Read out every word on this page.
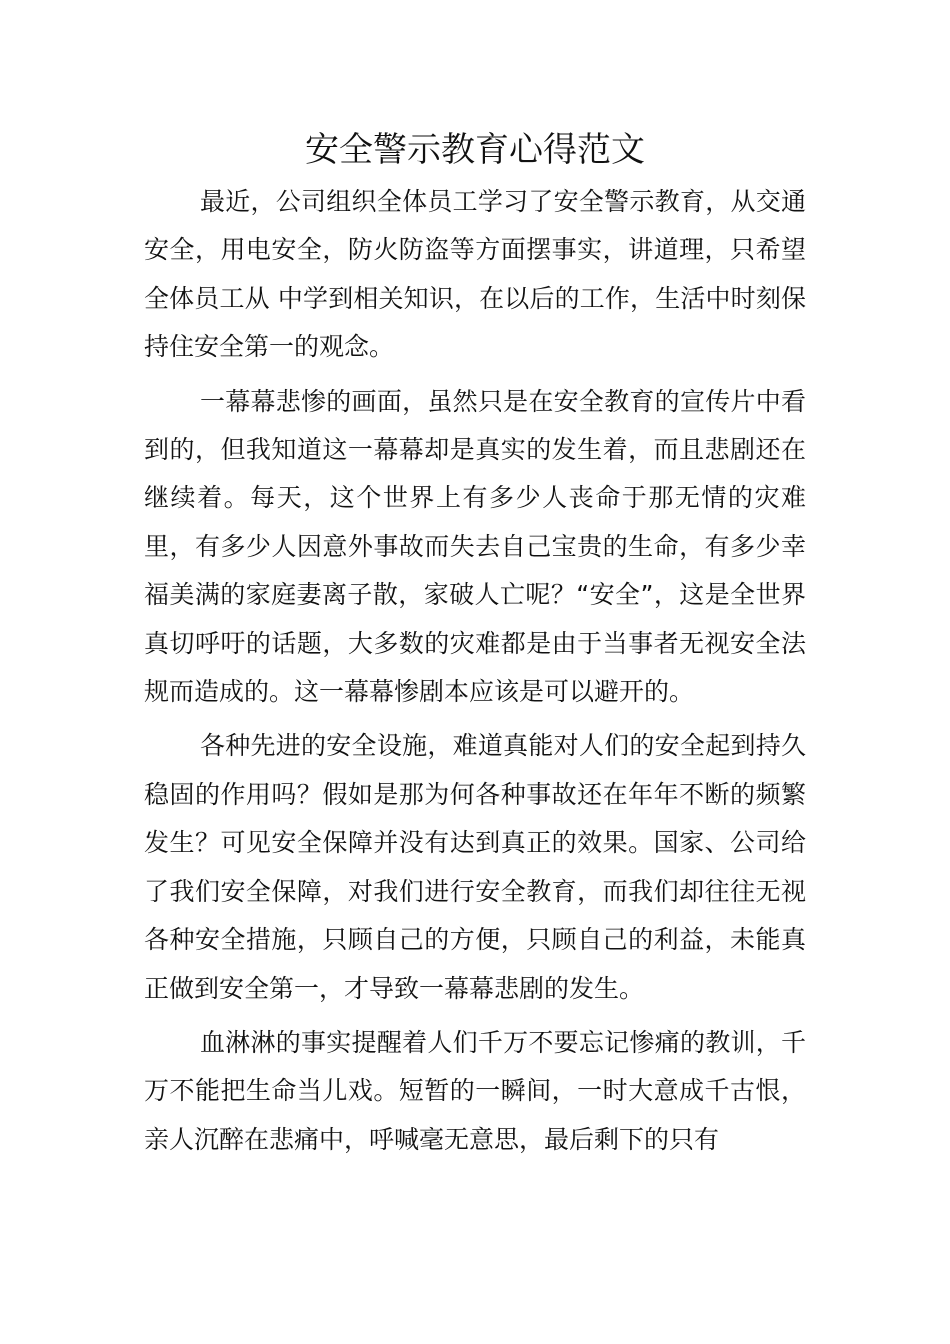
安全警示教育心得范文

最近，公司组织全体员工学习了安全警示教育，从交通安全，用电安全，防火防盗等方面摆事实，讲道理，只希望全体员工从 中学到相关知识，在以后的工作，生活中时刻保持住安全第一的观念。

一幕幕悲惨的画面，虽然只是在安全教育的宣传片中看到的，但我知道这一幕幕却是真实的发生着，而且悲剧还在继续着。每天，这个世界上有多少人丧命于那无情的灾难里，有多少人因意外事故而失去自己宝贵的生命，有多少幸福美满的家庭妻离子散，家破人亡呢？“安全”，这是全世界真切呼吁的话题，大多数的灾难都是由于当事者无视安全法规而造成的。这一幕幕惨剧本应该是可以避开的。

各种先进的安全设施，难道真能对人们的安全起到持久稳固的作用吗？假如是那为何各种事故还在年年不断的频繁发生？可见安全保障并没有达到真正的效果。国家、公司给了我们安全保障，对我们进行安全教育，而我们却往往无视各种安全措施，只顾自己的方便，只顾自己的利益，未能真正做到安全第一，才导致一幕幕悲剧的发生。

血淋淋的事实提醒着人们千万不要忘记惨痛的教训，千万不能把生命当儿戏。短暂的一瞬间，一时大意成千古恨，亲人沉醉在悲痛中，呼喊毫无意思，最后剩下的只有
